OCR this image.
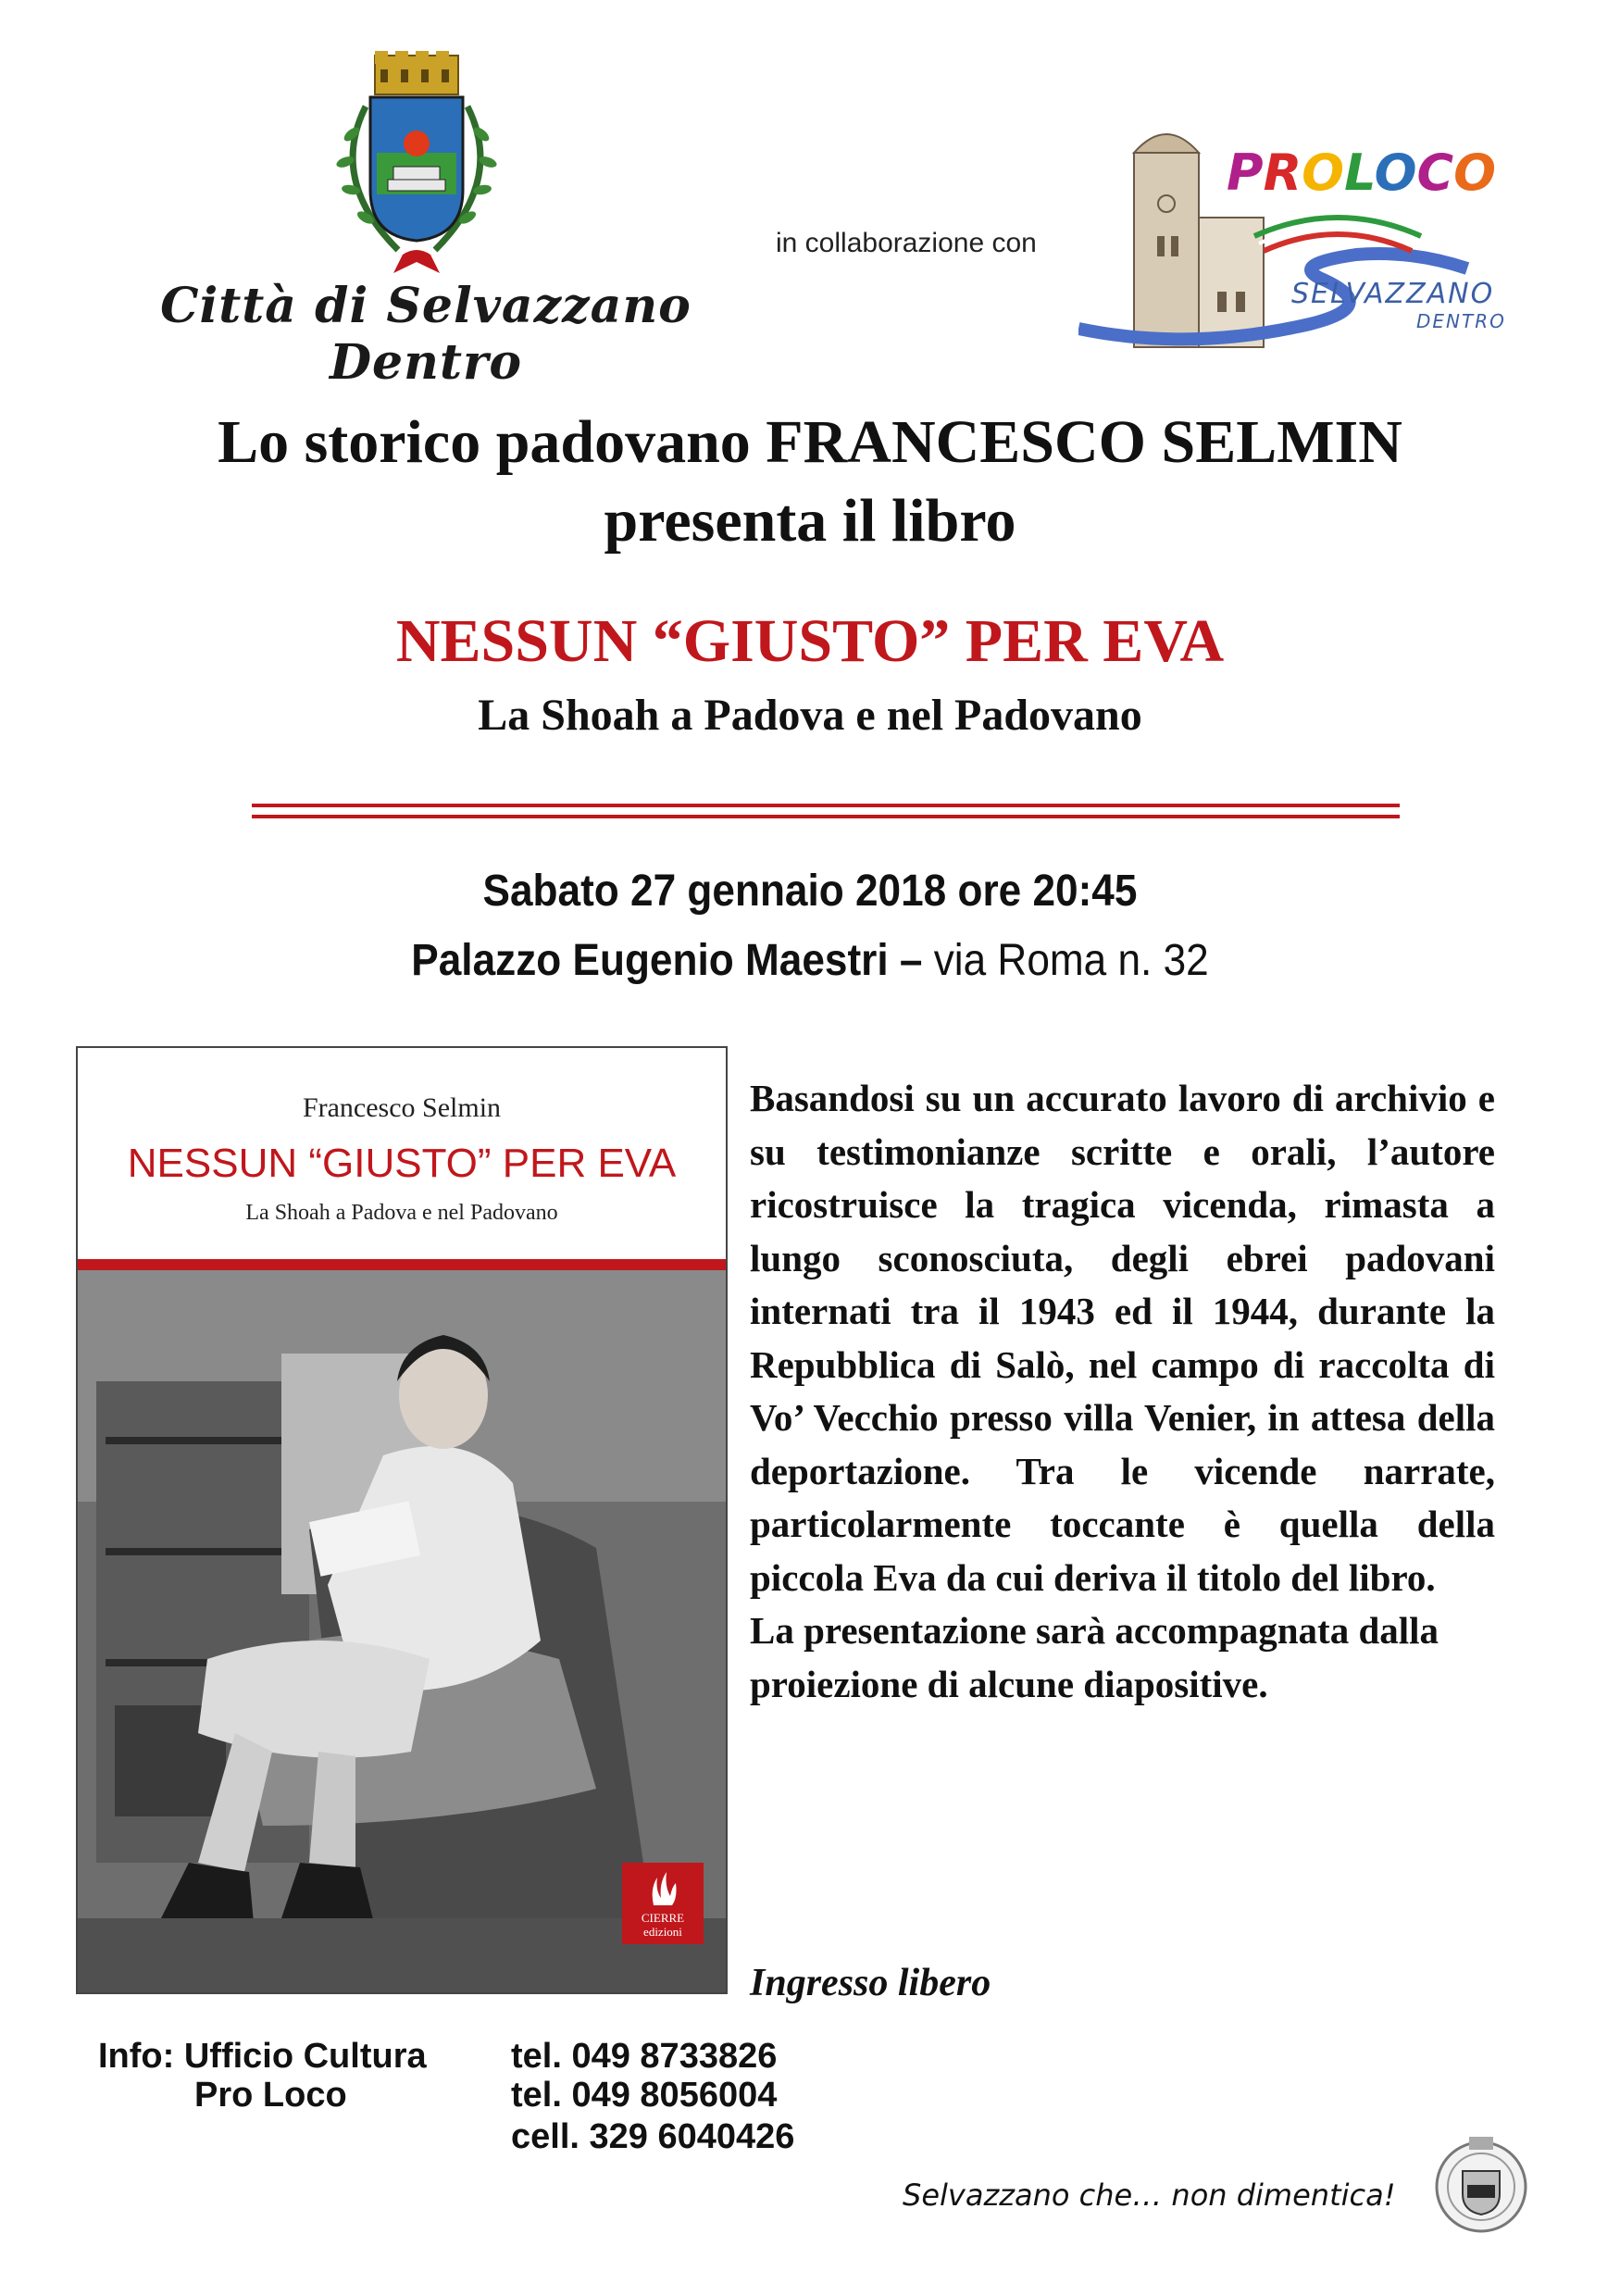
Città di Selvazzano Dentro
in collaborazione con
PROLOCO
SELVAZZANO
DENTRO
Lo storico padovano FRANCESCO SELMIN
presenta il libro
NESSUN “GIUSTO” PER EVA
La Shoah a Padova e nel Padovano
Sabato 27 gennaio 2018 ore 20:45
Palazzo Eugenio Maestri – via Roma n. 32
Francesco Selmin
NESSUN “GIUSTO” PER EVA
La Shoah a Padova e nel Padovano
CIERRE
edizioni

Basandosi su un accurato lavoro di archivio e su testimonianze scritte e orali, l’autore ricostruisce la tragica vicenda, rimasta a lungo sconosciuta, degli ebrei padovani internati tra il 1943 ed il 1944, durante la Repubblica di Salò, nel campo di raccolta di Vo’ Vecchio presso villa Venier, in attesa della deportazione. Tra le vicende narrate, particolarmente toccante è quella della piccola Eva da cui deriva il titolo del libro.

La presentazione sarà accompagnata dalla proiezione di alcune diapositive.

Ingresso libero
Info: Ufficio Cultura
Pro Loco
tel. 049 8733826
tel. 049 8056004
cell. 329 6040426
Selvazzano che… non dimentica!
